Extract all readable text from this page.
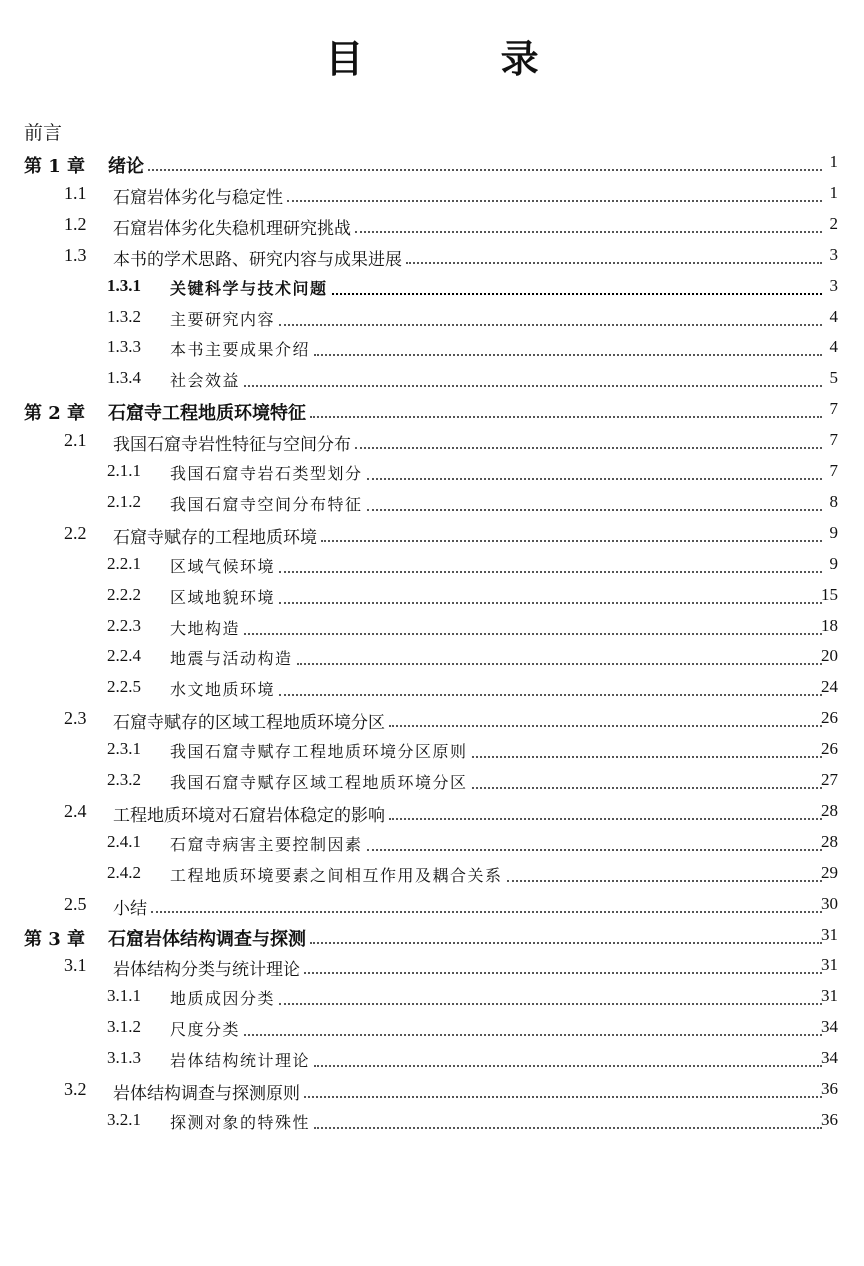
目 录
前言
第 1 章 绪论	1
1.1 石窟岩体劣化与稳定性	1
1.2 石窟岩体劣化失稳机理研究挑战	2
1.3 本书的学术思路、研究内容与成果进展	3
1.3.1 关键科学与技术问题	3
1.3.2 主要研究内容	4
1.3.3 本书主要成果介绍	4
1.3.4 社会效益	5
第 2 章 石窟寺工程地质环境特征	7
2.1 我国石窟寺岩性特征与空间分布	7
2.1.1 我国石窟寺岩石类型划分	7
2.1.2 我国石窟寺空间分布特征	8
2.2 石窟寺赋存的工程地质环境	9
2.2.1 区域气候环境	9
2.2.2 区域地貌环境	15
2.2.3 大地构造	18
2.2.4 地震与活动构造	20
2.2.5 水文地质环境	24
2.3 石窟寺赋存的区域工程地质环境分区	26
2.3.1 我国石窟寺赋存工程地质环境分区原则	26
2.3.2 我国石窟寺赋存区域工程地质环境分区	27
2.4 工程地质环境对石窟岩体稳定的影响	28
2.4.1 石窟寺病害主要控制因素	28
2.4.2 工程地质环境要素之间相互作用及耦合关系	29
2.5 小结	30
第 3 章 石窟岩体结构调查与探测	31
3.1 岩体结构分类与统计理论	31
3.1.1 地质成因分类	31
3.1.2 尺度分类	34
3.1.3 岩体结构统计理论	34
3.2 岩体结构调查与探测原则	36
3.2.1 探测对象的特殊性	36
